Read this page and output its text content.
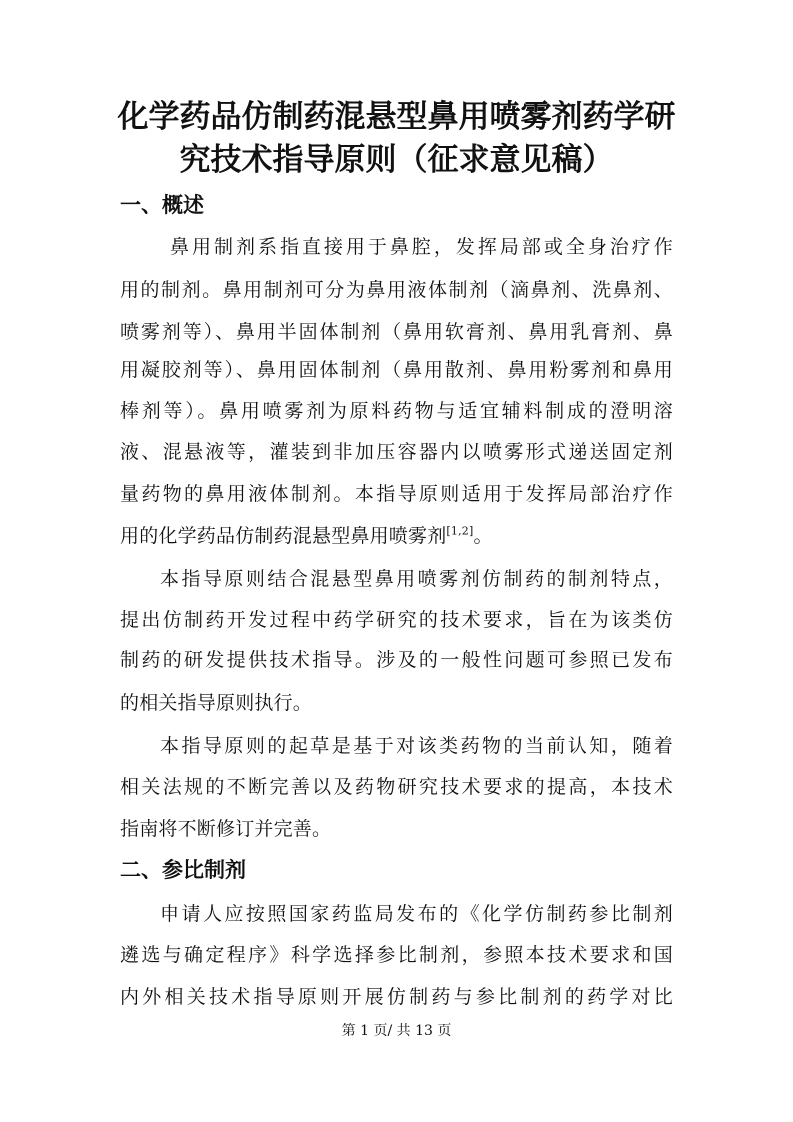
化学药品仿制药混悬型鼻用喷雾剂药学研
究技术指导原则（征求意见稿）
一、概述
鼻用制剂系指直接用于鼻腔，发挥局部或全身治疗作
用的制剂。鼻用制剂可分为鼻用液体制剂（滴鼻剂、洗鼻剂、
喷雾剂等）、鼻用半固体制剂（鼻用软膏剂、鼻用乳膏剂、鼻
用凝胶剂等）、鼻用固体制剂（鼻用散剂、鼻用粉雾剂和鼻用
棒剂等）。鼻用喷雾剂为原料药物与适宜辅料制成的澄明溶
液、混悬液等，灌装到非加压容器内以喷雾形式递送固定剂
量药物的鼻用液体制剂。本指导原则适用于发挥局部治疗作
用的化学药品仿制药混悬型鼻用喷雾剂[1,2]。
本指导原则结合混悬型鼻用喷雾剂仿制药的制剂特点，
提出仿制药开发过程中药学研究的技术要求，旨在为该类仿
制药的研发提供技术指导。涉及的一般性问题可参照已发布
的相关指导原则执行。
本指导原则的起草是基于对该类药物的当前认知，随着
相关法规的不断完善以及药物研究技术要求的提高，本技术
指南将不断修订并完善。
二、参比制剂
申请人应按照国家药监局发布的《化学仿制药参比制剂
遴选与确定程序》科学选择参比制剂，参照本技术要求和国
内外相关技术指导原则开展仿制药与参比制剂的药学对比
第 1 页/ 共 13 页
